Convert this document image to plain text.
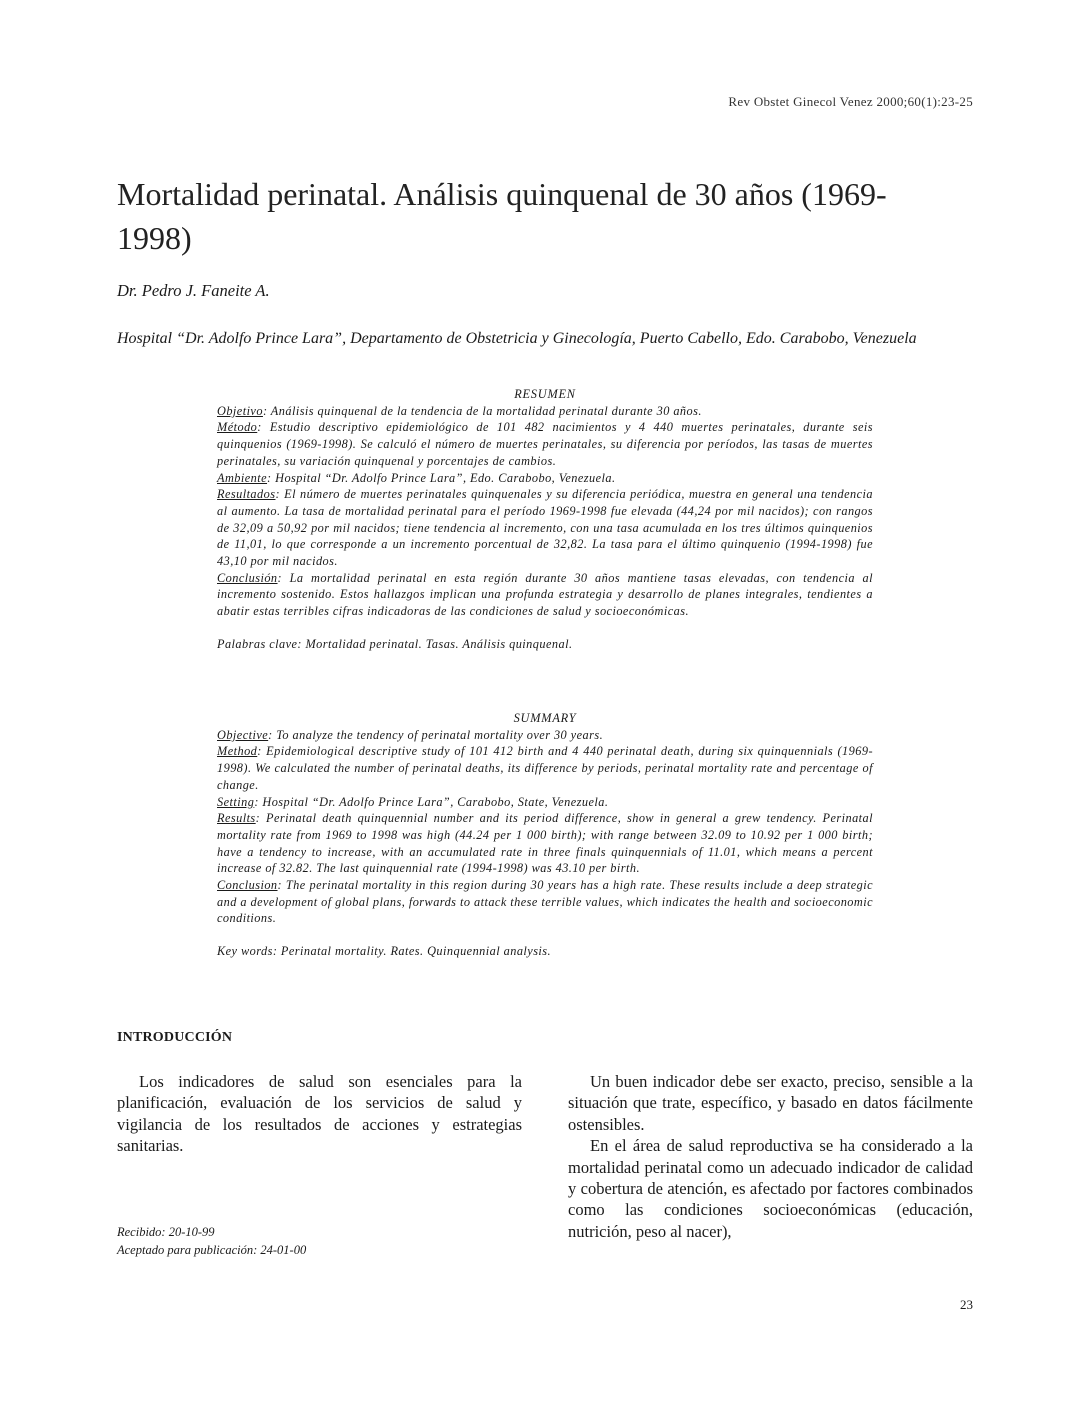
Rev Obstet Ginecol Venez 2000;60(1):23-25
Mortalidad perinatal. Análisis quinquenal de 30 años (1969-1998)
Dr. Pedro J. Faneite A.
Hospital “Dr. Adolfo Prince Lara”, Departamento de Obstetricia y Ginecología, Puerto Cabello, Edo. Carabobo, Venezuela

RESUMEN

Objetivo: Análisis quinquenal de la tendencia de la mortalidad perinatal durante 30 años.

Método: Estudio descriptivo epidemiológico de 101 482 nacimientos y 4 440 muertes perinatales, durante seis quinquenios (1969-1998). Se calculó el número de muertes perinatales, su diferencia por períodos, las tasas de muertes perinatales, su variación quinquenal y porcentajes de cambios.

Ambiente: Hospital “Dr. Adolfo Prince Lara”, Edo. Carabobo, Venezuela.

Resultados: El número de muertes perinatales quinquenales y su diferencia periódica, muestra en general una tendencia al aumento. La tasa de mortalidad perinatal para el período 1969-1998 fue elevada (44,24 por mil nacidos); con rangos de 32,09 a 50,92 por mil nacidos; tiene tendencia al incremento, con una tasa acumulada en los tres últimos quinquenios de 11,01, lo que corresponde a un incremento porcentual de 32,82. La tasa para el último quinquenio (1994-1998) fue 43,10 por mil nacidos.

Conclusión: La mortalidad perinatal en esta región durante 30 años mantiene tasas elevadas, con tendencia al incremento sostenido. Estos hallazgos implican una profunda estrategia y desarrollo de planes integrales, tendientes a abatir estas terribles cifras indicadoras de las condiciones de salud y socioeconómicas.

Palabras clave: Mortalidad perinatal. Tasas. Análisis quinquenal.

SUMMARY

Objective: To analyze the tendency of perinatal mortality over 30 years.

Method: Epidemiological descriptive study of 101 412 birth and 4 440 perinatal death, during six quinquennials (1969-1998). We calculated the number of perinatal deaths, its difference by periods, perinatal mortality rate and percentage of change.

Setting: Hospital “Dr. Adolfo Prince Lara”, Carabobo, State, Venezuela.

Results: Perinatal death quinquennial number and its period difference, show in general a grew tendency. Perinatal mortality rate from 1969 to 1998 was high (44.24 per 1 000 birth); with range between 32.09 to 10.92 per 1 000 birth; have a tendency to increase, with an accumulated rate in three finals quinquennials of 11.01, which means a percent increase of 32.82. The last quinquennial rate (1994-1998) was 43.10 per birth.

Conclusion: The perinatal mortality in this region during 30 years has a high rate. These results include a deep strategic and a development of global plans, forwards to attack these terrible values, which indicates the health and socioeconomic conditions.

Key words: Perinatal mortality. Rates. Quinquennial analysis.

INTRODUCCIÓN

Los indicadores de salud son esenciales para la planificación, evaluación de los servicios de salud y vigilancia de los resultados de acciones y estrategias sanitarias.

Un buen indicador debe ser exacto, preciso, sensible a la situación que trate, específico, y basado en datos fácilmente ostensibles.

En el área de salud reproductiva se ha considerado a la mortalidad perinatal como un adecuado indicador de calidad y cobertura de atención, es afectado por factores combinados como las condiciones socioeconómicas (educación, nutrición, peso al nacer),

Recibido: 20-10-99
Aceptado para publicación: 24-01-00
23
